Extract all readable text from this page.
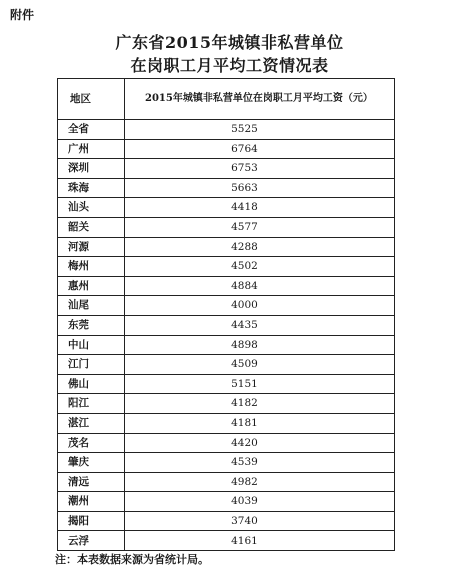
附件
广东省2015年城镇非私营单位
在岗职工月平均工资情况表
地区	2015年城镇非私营单位在岗职工月平均工资（元）
全省	5525
广州	6764
深圳	6753
珠海	5663
汕头	4418
韶关	4577
河源	4288
梅州	4502
惠州	4884
汕尾	4000
东莞	4435
中山	4898
江门	4509
佛山	5151
阳江	4182
湛江	4181
茂名	4420
肇庆	4539
清远	4982
潮州	4039
揭阳	3740
云浮	4161
注：本表数据来源为省统计局。
